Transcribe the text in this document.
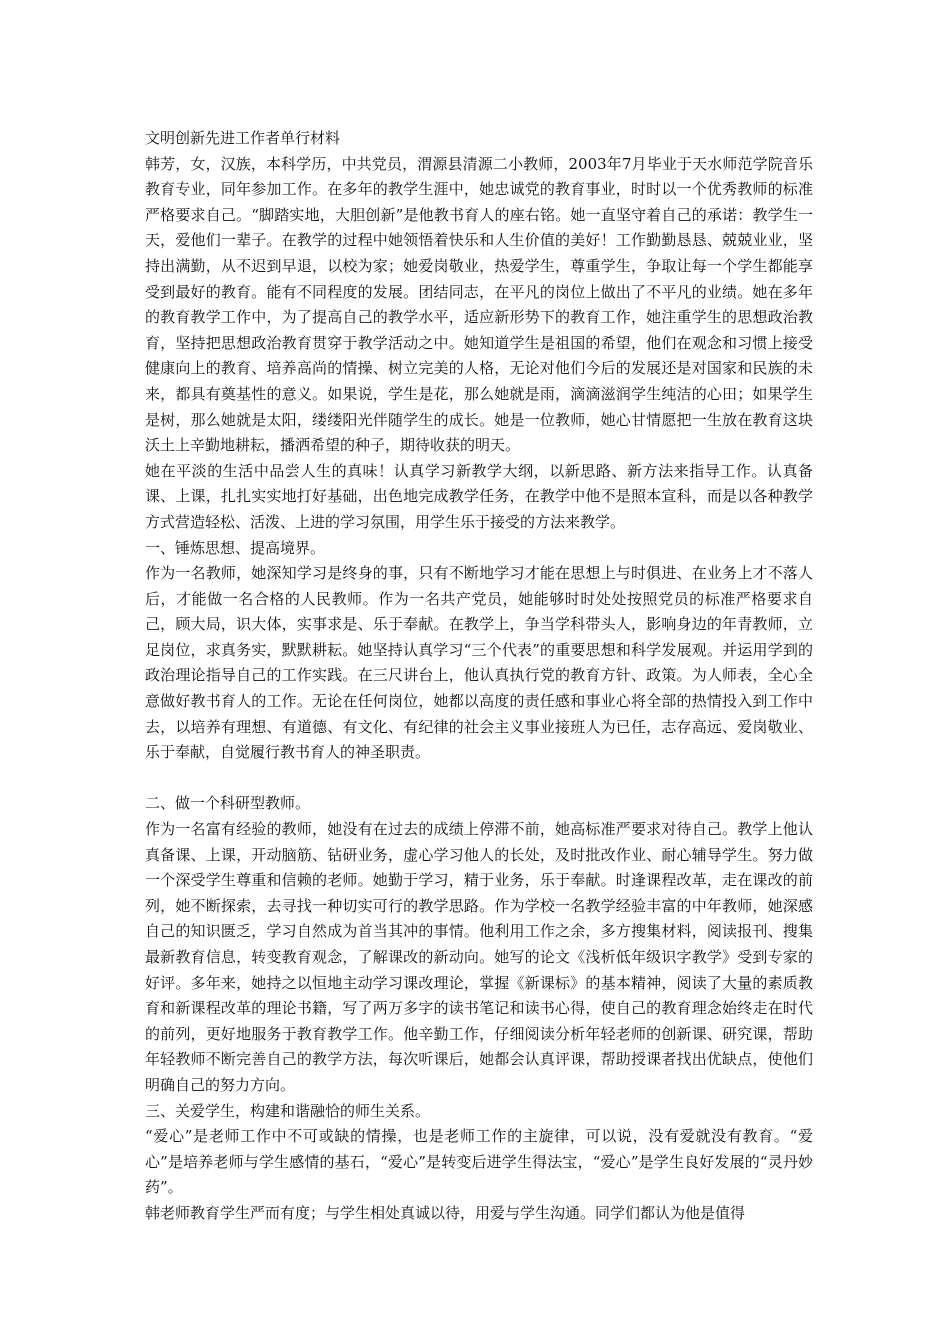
文明创新先进工作者单行材料

韩芳，女，汉族，本科学历，中共党员，渭源县清源二小教师，2003年7月毕业于天水师范学院音乐教育专业，同年参加工作。在多年的教学生涯中，她忠诚党的教育事业，时时以一个优秀教师的标准严格要求自己。“脚踏实地，大胆创新”是他教书育人的座右铭。她一直坚守着自己的承诺：教学生一天，爱他们一辈子。在教学的过程中她领悟着快乐和人生价值的美好！工作勤勤恳恳、兢兢业业，坚持出满勤，从不迟到早退，以校为家；她爱岗敬业，热爱学生，尊重学生，争取让每一个学生都能享受到最好的教育。能有不同程度的发展。团结同志，在平凡的岗位上做出了不平凡的业绩。她在多年的教育教学工作中，为了提高自己的教学水平，适应新形势下的教育工作，她注重学生的思想政治教育，坚持把思想政治教育贯穿于教学活动之中。她知道学生是祖国的希望，他们在观念和习惯上接受健康向上的教育、培养高尚的情操、树立完美的人格，无论对他们今后的发展还是对国家和民族的未来，都具有奠基性的意义。如果说，学生是花，那么她就是雨，滴滴滋润学生纯洁的心田；如果学生是树，那么她就是太阳，缕缕阳光伴随学生的成长。她是一位教师，她心甘情愿把一生放在教育这块沃土上辛勤地耕耘，播洒希望的种子，期待收获的明天。

她在平淡的生活中品尝人生的真味！认真学习新教学大纲，以新思路、新方法来指导工作。认真备课、上课，扎扎实实地打好基础，出色地完成教学任务，在教学中他不是照本宣科，而是以各种教学方式营造轻松、活泼、上进的学习氛围，用学生乐于接受的方法来教学。

一、锤炼思想、提高境界。

作为一名教师，她深知学习是终身的事，只有不断地学习才能在思想上与时俱进、在业务上才不落人后，才能做一名合格的人民教师。作为一名共产党员，她能够时时处处按照党员的标准严格要求自己，顾大局，识大体，实事求是、乐于奉献。在教学上，争当学科带头人，影响身边的年青教师，立足岗位，求真务实，默默耕耘。她坚持认真学习“三个代表”的重要思想和科学发展观。并运用学到的政治理论指导自己的工作实践。在三尺讲台上，他认真执行党的教育方针、政策。为人师表，全心全意做好教书育人的工作。无论在任何岗位，她都以高度的责任感和事业心将全部的热情投入到工作中去，以培养有理想、有道德、有文化、有纪律的社会主义事业接班人为已任，志存高远、爱岗敬业、乐于奉献，自觉履行教书育人的神圣职责。

二、做一个科研型教师。

作为一名富有经验的教师，她没有在过去的成绩上停滞不前，她高标准严要求对待自己。教学上他认真备课、上课，开动脑筋、钻研业务，虚心学习他人的长处，及时批改作业、耐心辅导学生。努力做一个深受学生尊重和信赖的老师。她勤于学习，精于业务，乐于奉献。时逢课程改革，走在课改的前列，她不断探索，去寻找一种切实可行的教学思路。作为学校一名教学经验丰富的中年教师，她深感自己的知识匮乏，学习自然成为首当其冲的事情。他利用工作之余，多方搜集材料，阅读报刊、搜集最新教育信息，转变教育观念，了解课改的新动向。她写的论文《浅析低年级识字教学》受到专家的好评。多年来，她持之以恒地主动学习课改理论，掌握《新课标》的基本精神，阅读了大量的素质教育和新课程改革的理论书籍，写了两万多字的读书笔记和读书心得，使自己的教育理念始终走在时代的前列，更好地服务于教育教学工作。他辛勤工作，仔细阅读分析年轻老师的创新课、研究课，帮助年轻教师不断完善自己的教学方法，每次听课后，她都会认真评课，帮助授课者找出优缺点，使他们明确自己的努力方向。

三、关爱学生，构建和谐融恰的师生关系。

“爱心”是老师工作中不可或缺的情操，也是老师工作的主旋律，可以说，没有爱就没有教育。“爱心”是培养老师与学生感情的基石，“爱心”是转变后进学生得法宝，“爱心”是学生良好发展的“灵丹妙药”。

韩老师教育学生严而有度；与学生相处真诚以待，用爱与学生沟通。同学们都认为他是值得
